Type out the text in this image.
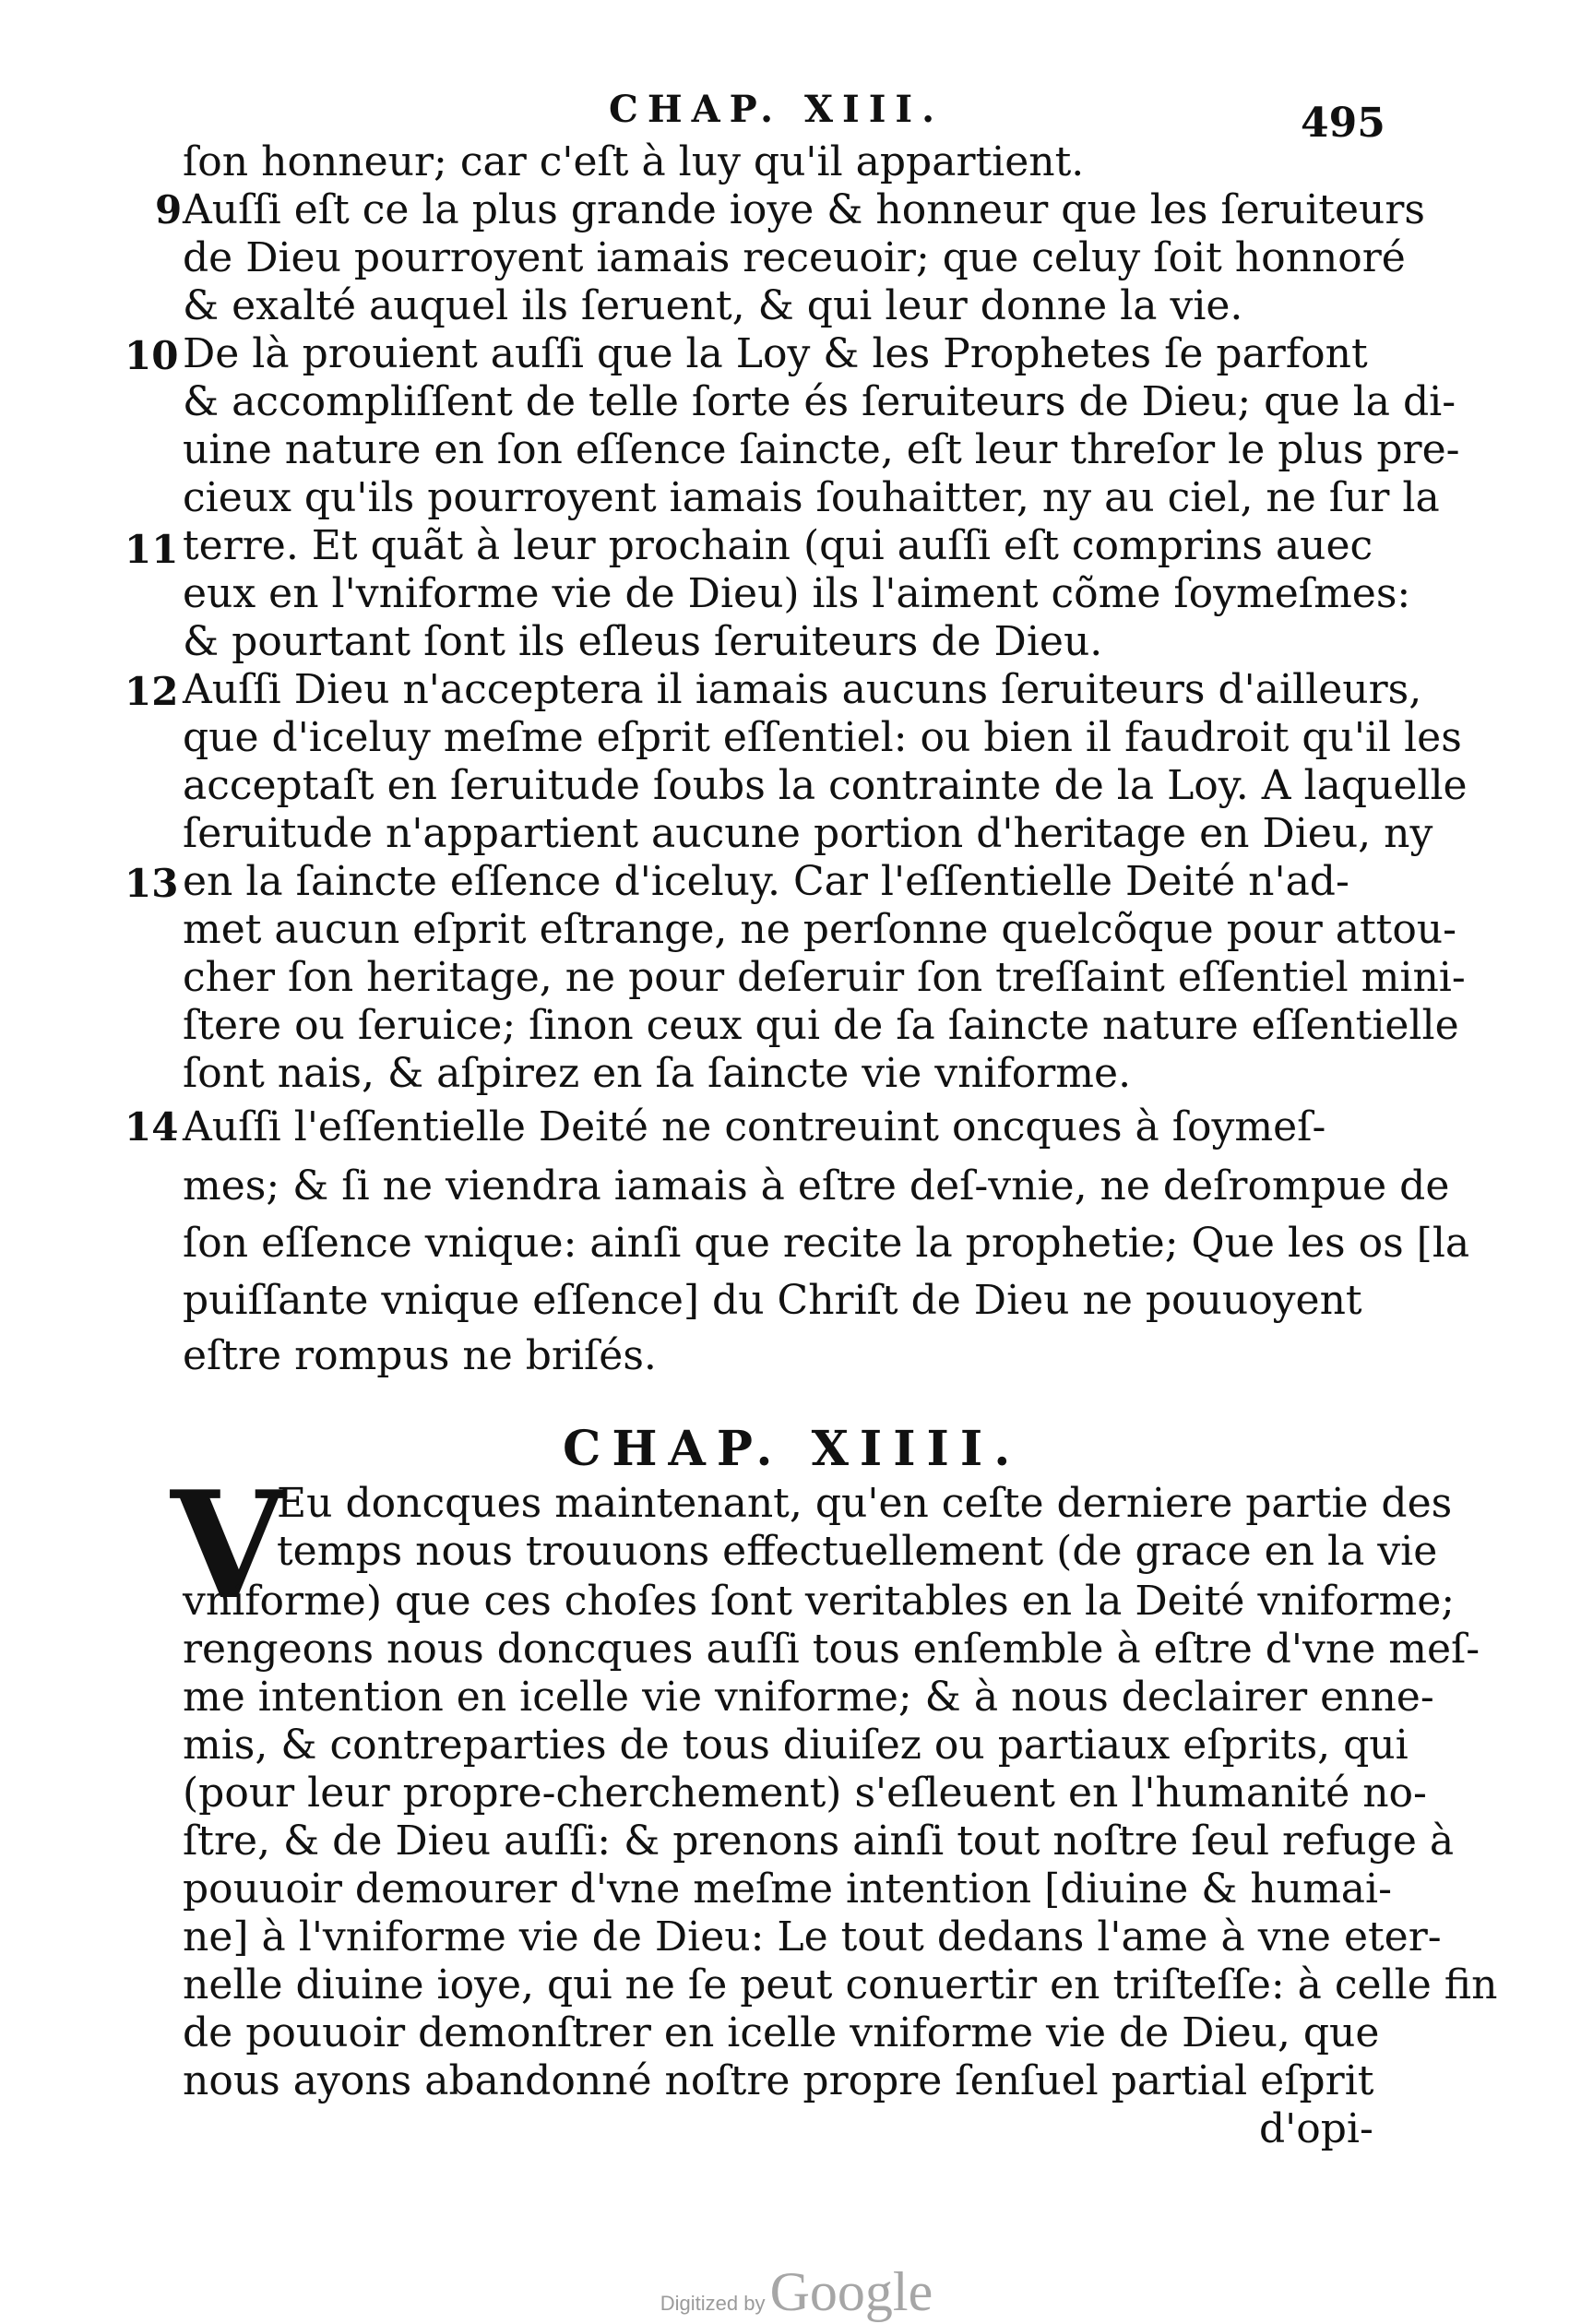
CHAP. XIII.	495
ſon honneur; car c'eſt à luy qu'il appartient.
Auſſi eſt ce la plus grande ioye & honneur que les ſeruiteurs
de Dieu pourroyent iamais receuoir; que celuy ſoit honnoré
& exalté auquel ils ſeruent, & qui leur donne la vie.
De là prouient auſſi que la Loy & les Prophetes ſe parfont
& accompliſſent de telle ſorte és ſeruiteurs de Dieu; que la di-
uine nature en ſon eſſence ſaincte, eſt leur threſor le plus pre-
cieux qu'ils pourroyent iamais ſouhaitter, ny au ciel, ne ſur la
terre. Et quãt à leur prochain (qui auſſi eſt comprins auec
eux en l'vniforme vie de Dieu) ils l'aiment cõme ſoymeſmes:
& pourtant ſont ils eſleus ſeruiteurs de Dieu.
Auſſi Dieu n'acceptera il iamais aucuns ſeruiteurs d'ailleurs,
que d'iceluy meſme eſprit eſſentiel: ou bien il faudroit qu'il les
acceptaſt en ſeruitude ſoubs la contrainte de la Loy. A laquelle
ſeruitude n'appartient aucune portion d'heritage en Dieu, ny
en la ſaincte eſſence d'iceluy. Car l'eſſentielle Deité n'ad-
met aucun eſprit eſtrange, ne perſonne quelcõque pour attou-
cher ſon heritage, ne pour deſeruir ſon treſſaint eſſentiel mini-
ſtere ou ſeruice; ſinon ceux qui de ſa ſaincte nature eſſentielle
ſont nais, & aſpirez en ſa ſaincte vie vniforme.
Auſſi l'eſſentielle Deité ne contreuint oncques à ſoymeſ-
mes; & ſi ne viendra iamais à eſtre deſ-vnie, ne deſrompue de
ſon eſſence vnique: ainſi que recite la prophetie; Que les os [la
puiſſante vnique eſſence] du Chriſt de Dieu ne pouuoyent
eſtre rompus ne briſés.
9
10
11
12
13
14
CHAP. XIIII.
V
Eu doncques maintenant, qu'en ceſte derniere partie des
temps nous trouuons effectuellement (de grace en la vie
vniforme) que ces choſes ſont veritables en la Deité vniforme;
rengeons nous doncques auſſi tous enſemble à eſtre d'vne meſ-
me intention en icelle vie vniforme; & à nous declairer enne-
mis, & contreparties de tous diuiſez ou partiaux eſprits, qui
(pour leur propre-cherchement) s'eſleuent en l'humanité no-
ſtre, & de Dieu auſſi: & prenons ainſi tout noſtre ſeul refuge à
pouuoir demourer d'vne meſme intention [diuine & humai-
ne] à l'vniforme vie de Dieu: Le tout dedans l'ame à vne eter-
nelle diuine ioye, qui ne ſe peut conuertir en triſteſſe: à celle fin
de pouuoir demonſtrer en icelle vniforme vie de Dieu, que
nous ayons abandonné noſtre propre ſenſuel partial eſprit
d'opi-
Digitized by Google
